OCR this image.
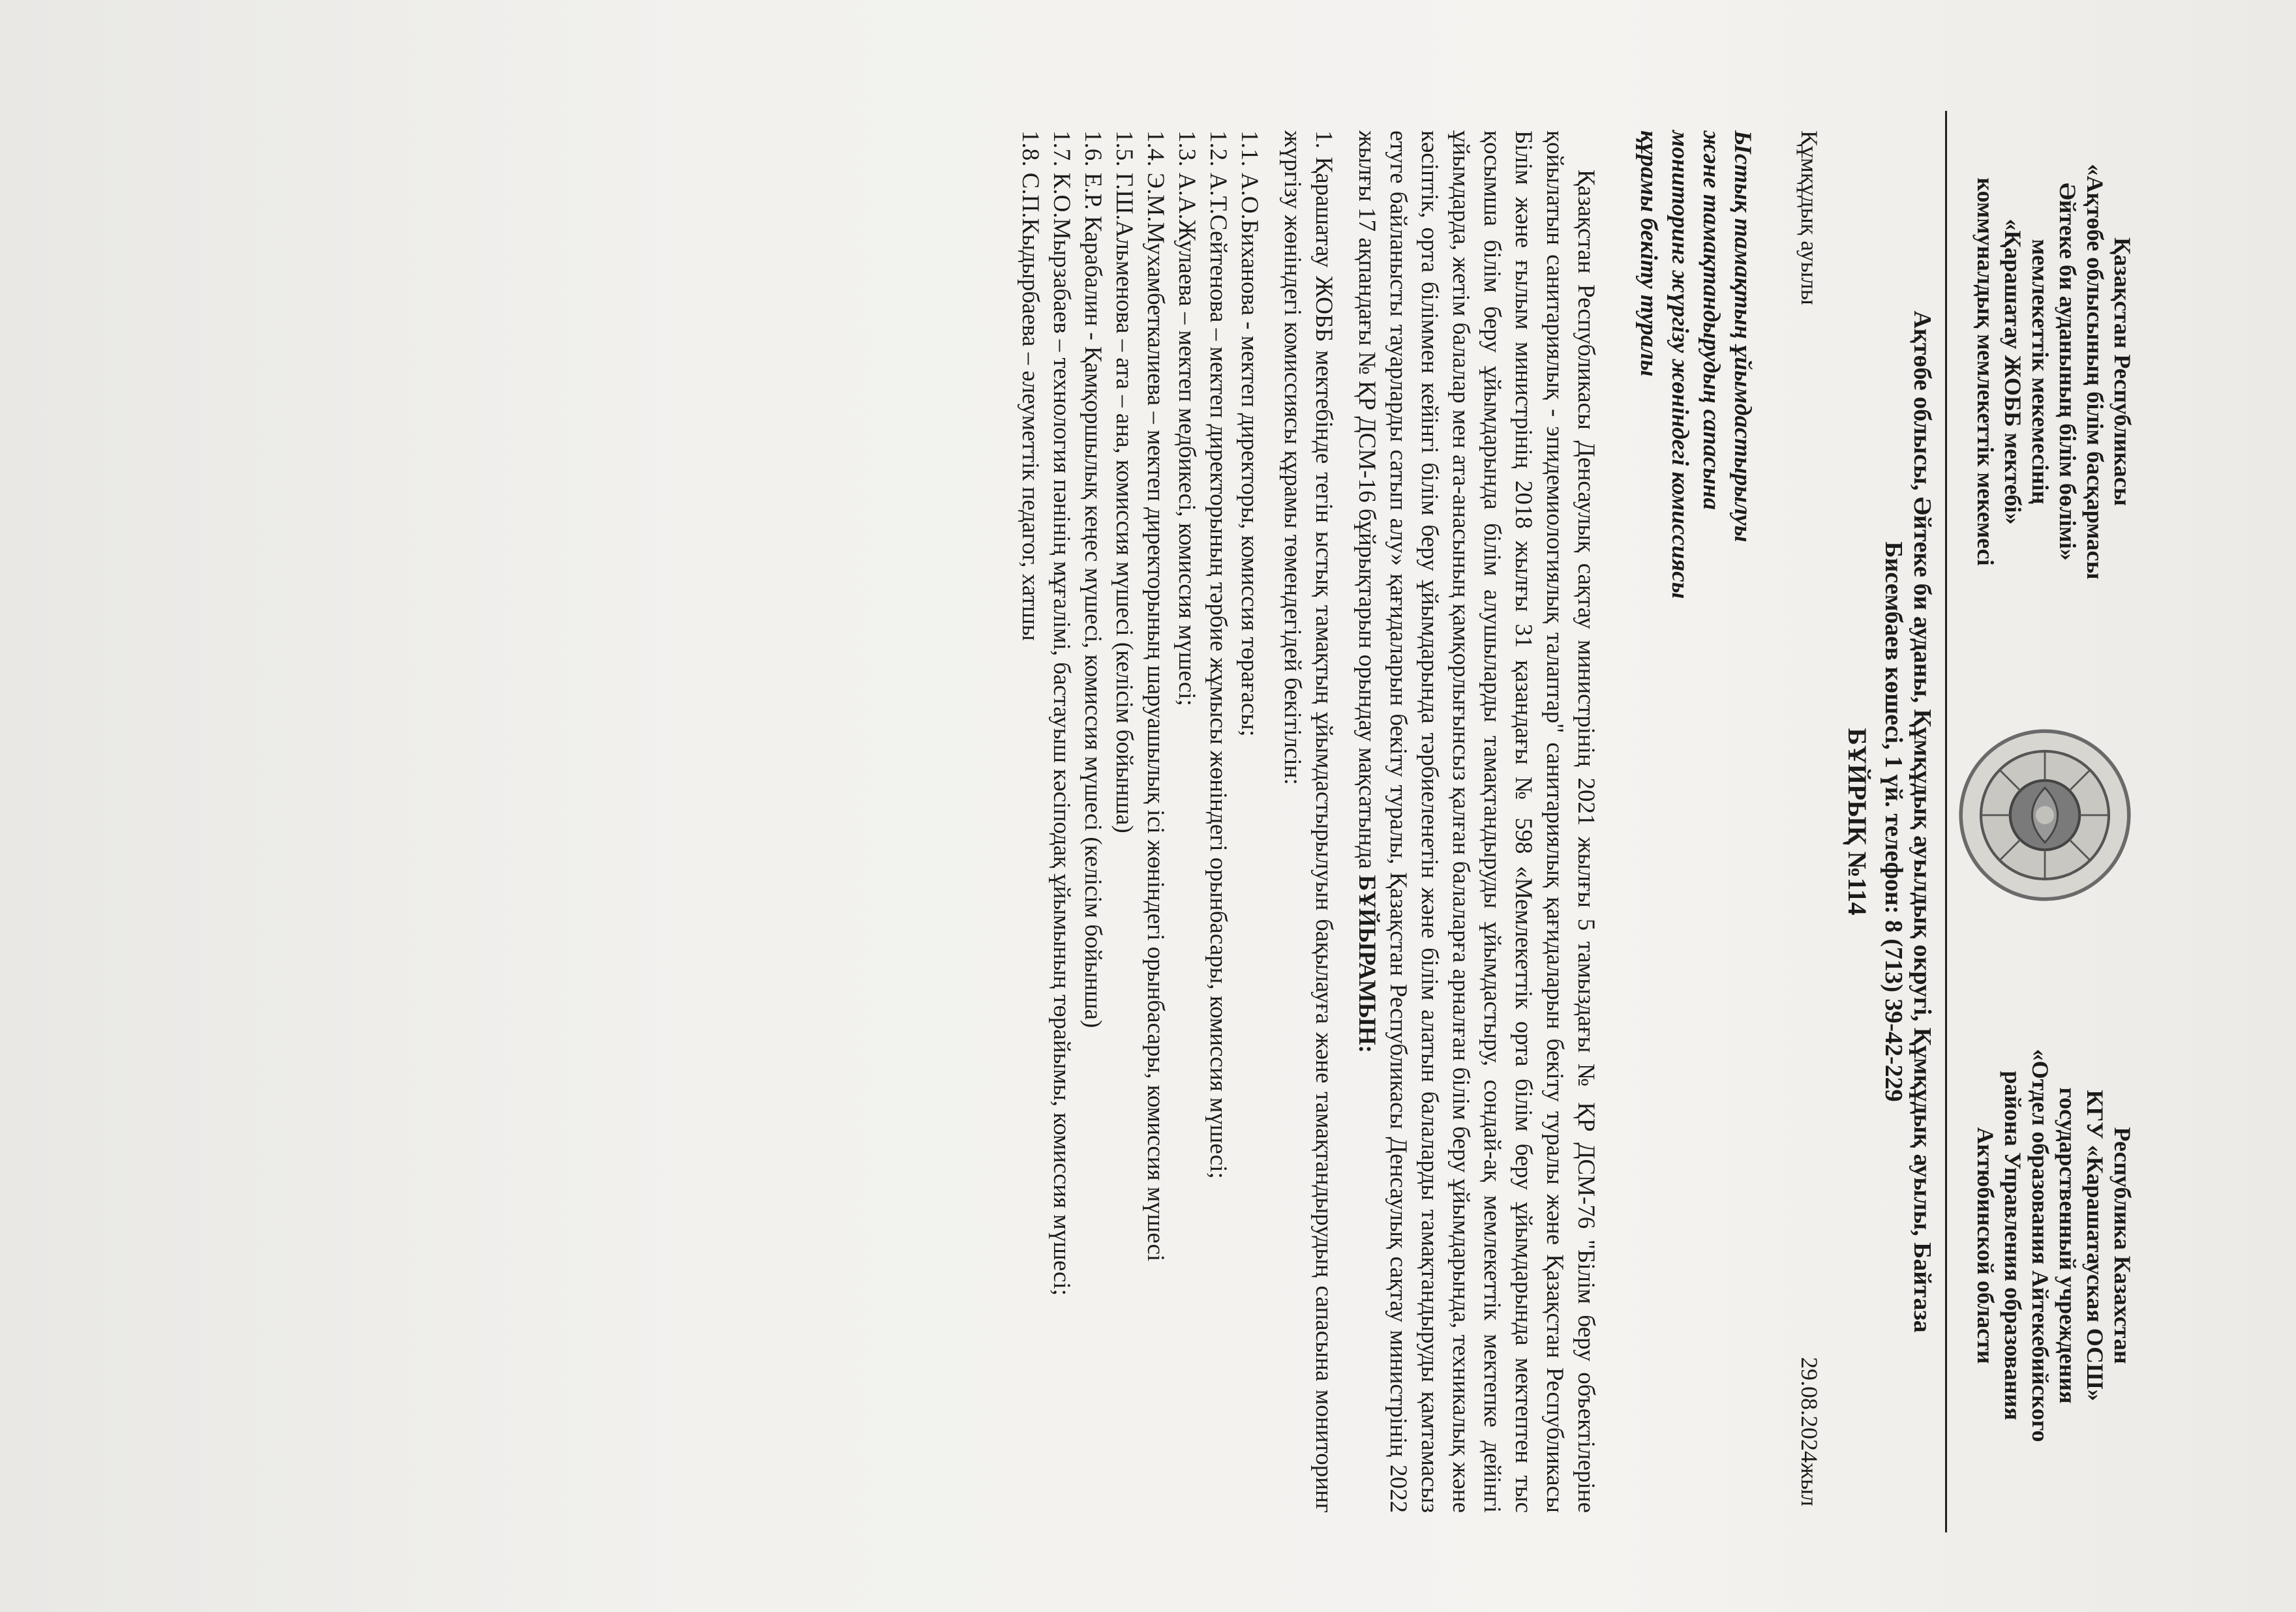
Қазақстан Республикасы
«Ақтөбе облысының білім басқармасы
Әйтеке би ауданының білім бөлімі»
мемлекеттік мекемесінің
«Қарашатау ЖОББ мектебі»
коммуналдық мемлекеттік мекемесі
Республика Казахстан
КГУ «Карашатауская ОСШ»
государственный учреждения
«Отдел образования Айтекебийского
района Управления образования
Актюбинской области
Ақтөбе облысы, Әйтеке би ауданы, Құмқұдық ауылдық округі, Құмқұдық ауылы, Байтаза
Бисембаев көшесі, 1 үй. телефон: 8 (713) 39-42-229
БҰЙРЫҚ №114
Құмқұдық ауылы
29.08.2024жыл
Ыстық тамақтың ұйымдастырылуы
және тамақтандырудың сапасына
мониторинг жүргізу жөніндегі комиссиясы
құрамы бекіту туралы

Қазақстан Республикасы Денсаулық сақтау министрінің 2021 жылғы 5 тамыздағы № ҚР ДСМ-76 "Білім беру объектілеріне қойылатын санитариялық - эпидемиологиялық талаптар" санитариялық қағидаларын бекіту туралы және Қазақстан Республикасы Білім және ғылым министрінің 2018 жылғы 31 қазандағы № 598 «Мемлекеттік орта білім беру ұйымдарында мектептен тыс қосымша білім беру ұйымдарында білім алушыларды тамақтандыруды ұйымдастыру, сондай-ақ мемлекеттік мектепке дейінгі ұйымдарда, жетім балалар мен ата-анасының қамқорлығынсыз қалған балаларға арналған білім беру ұйымдарында, техникалық және кәсіптік, орта біліммен кейінгі білім беру ұйымдарында тәрбиеленетін және білім алатын балаларды тамақтандыруды қамтамасыз етуге байланысты тауарларды сатып алу» қағидаларын бекіту туралы, Қазақстан Республикасы Денсаулық сақтау министрінің 2022 жылғы 17 ақпандағы № ҚР ДСМ-16 бұйрықтарын орындау мақсатында БҰЙЫРАМЫН:

1. Қарашатау ЖОББ мектебінде тегін ыстық тамақтың ұйымдастырылуын бақылауға және тамақтандырудың сапасына мониторинг жүргізу жөніндегі комиссиясы құрамы төмендегідей бекітілсін:

1.1. А.О.Биханова - мектеп директоры, комиссия төрағасы;
1.2. А.Т.Сейтенова – мектеп директорының тәрбие жұмысы жөніндегі орынбасары, комиссия мүшесі;
1.3. А.А.Жулаева – мектеп медбикесі, комиссия мүшесі;
1.4. Э.М.Мухамбеткалиева – мектеп директорының шаруашылық ісі жөніндегі орынбасары, комиссия мүшесі
1.5. Г.Ш.Альменова – ата – ана, комиссия мүшесі (келісім бойынша)
1.6. Е.Р. Карабалин - Қамқоршылық кеңес мүшесі, комиссия мүшесі (келісім бойынша)
1.7. К.О.Мырзабаев – технология пәнінің мұғалімі, бастауыш кәсіподақ ұйымының төрайымы, комиссия мүшесі;
1.8. С.П.Кыдырбаева – әлеуметтік педагог, хатшы
